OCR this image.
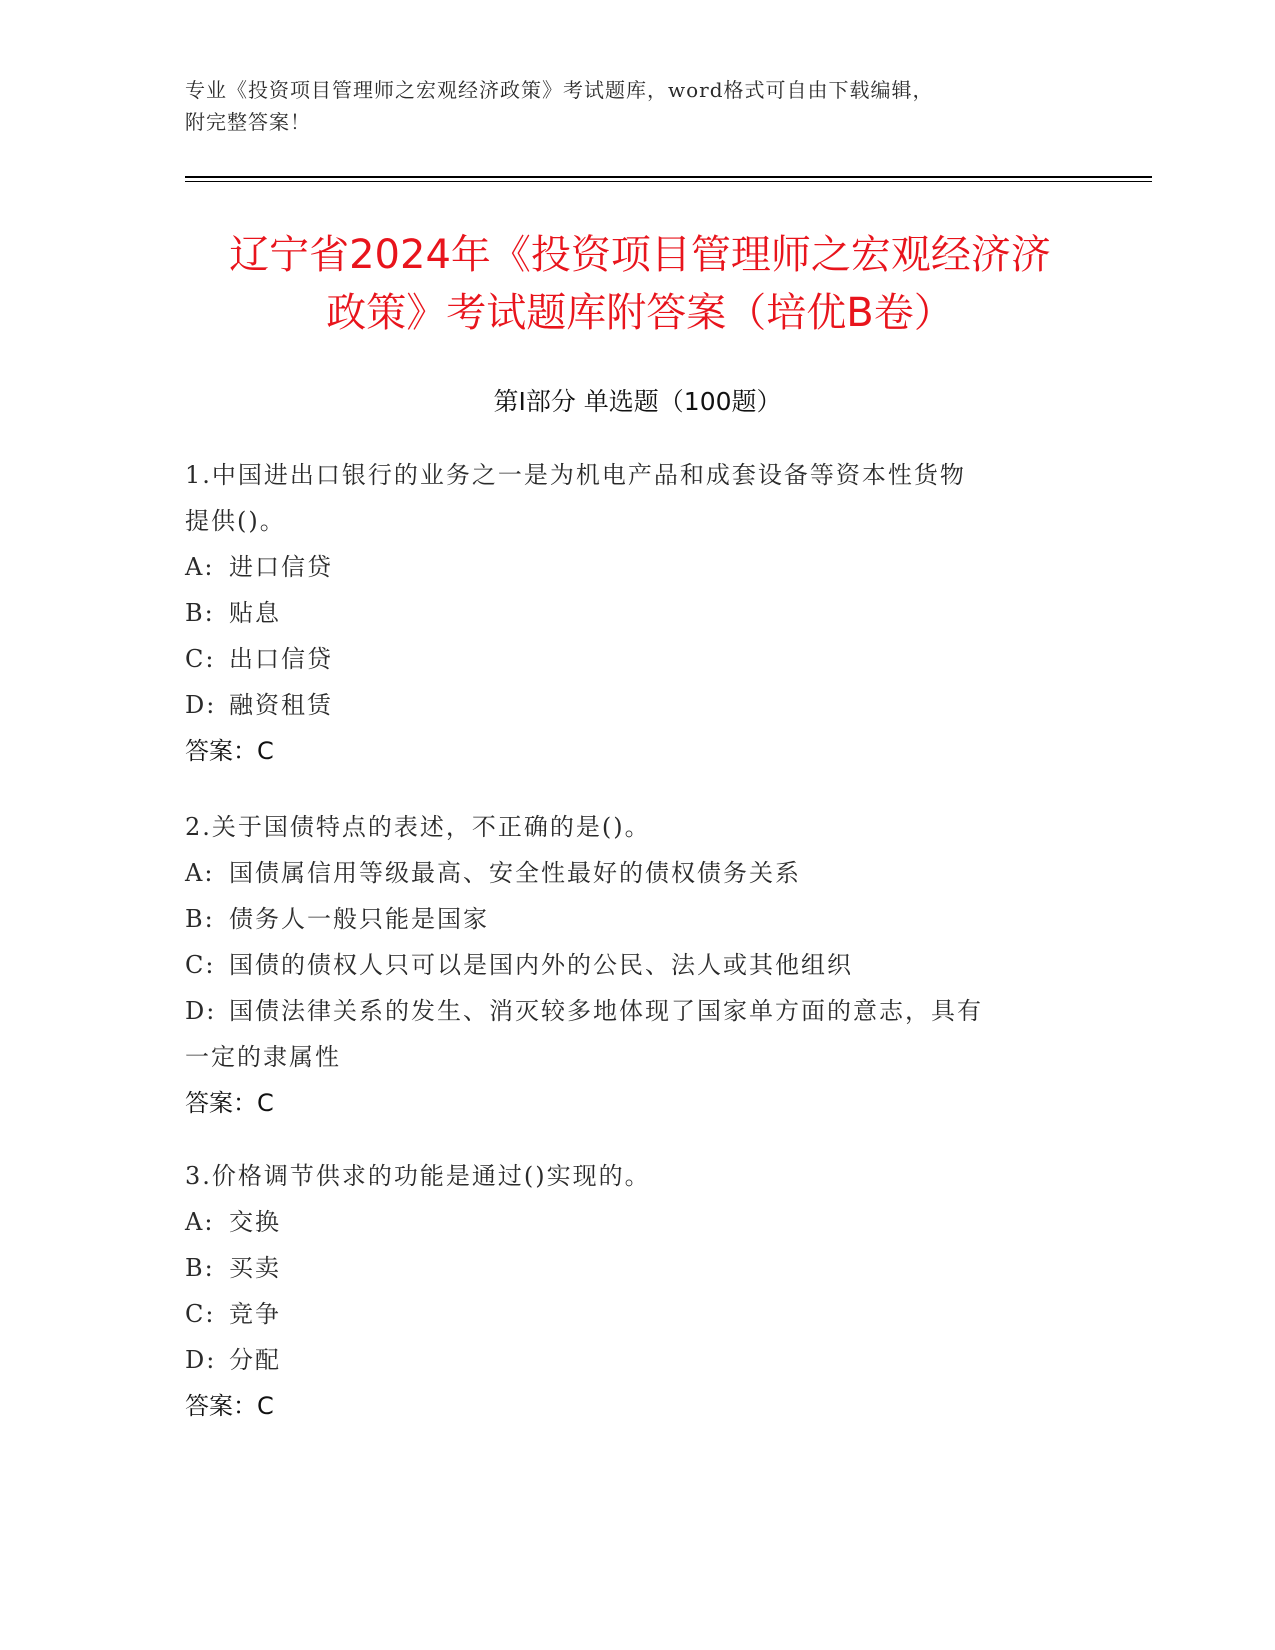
专业《投资项目管理师之宏观经济政策》考试题库，word格式可自由下载编辑，
附完整答案！
辽宁省2024年《投资项目管理师之宏观经济济
政策》考试题库附答案（培优B卷）
第Ⅰ部分 单选题（100题）
1.中国进出口银行的业务之一是为机电产品和成套设备等资本性货物
提供()。
A: 进口信贷
B: 贴息
C: 出口信贷
D: 融资租赁
答案：C
2.关于国债特点的表述，不正确的是()。
A: 国债属信用等级最高、安全性最好的债权债务关系
B: 债务人一般只能是国家
C: 国债的债权人只可以是国内外的公民、法人或其他组织
D: 国债法律关系的发生、消灭较多地体现了国家单方面的意志，具有
一定的隶属性
答案：C
3.价格调节供求的功能是通过()实现的。
A: 交换
B: 买卖
C: 竞争
D: 分配
答案：C
